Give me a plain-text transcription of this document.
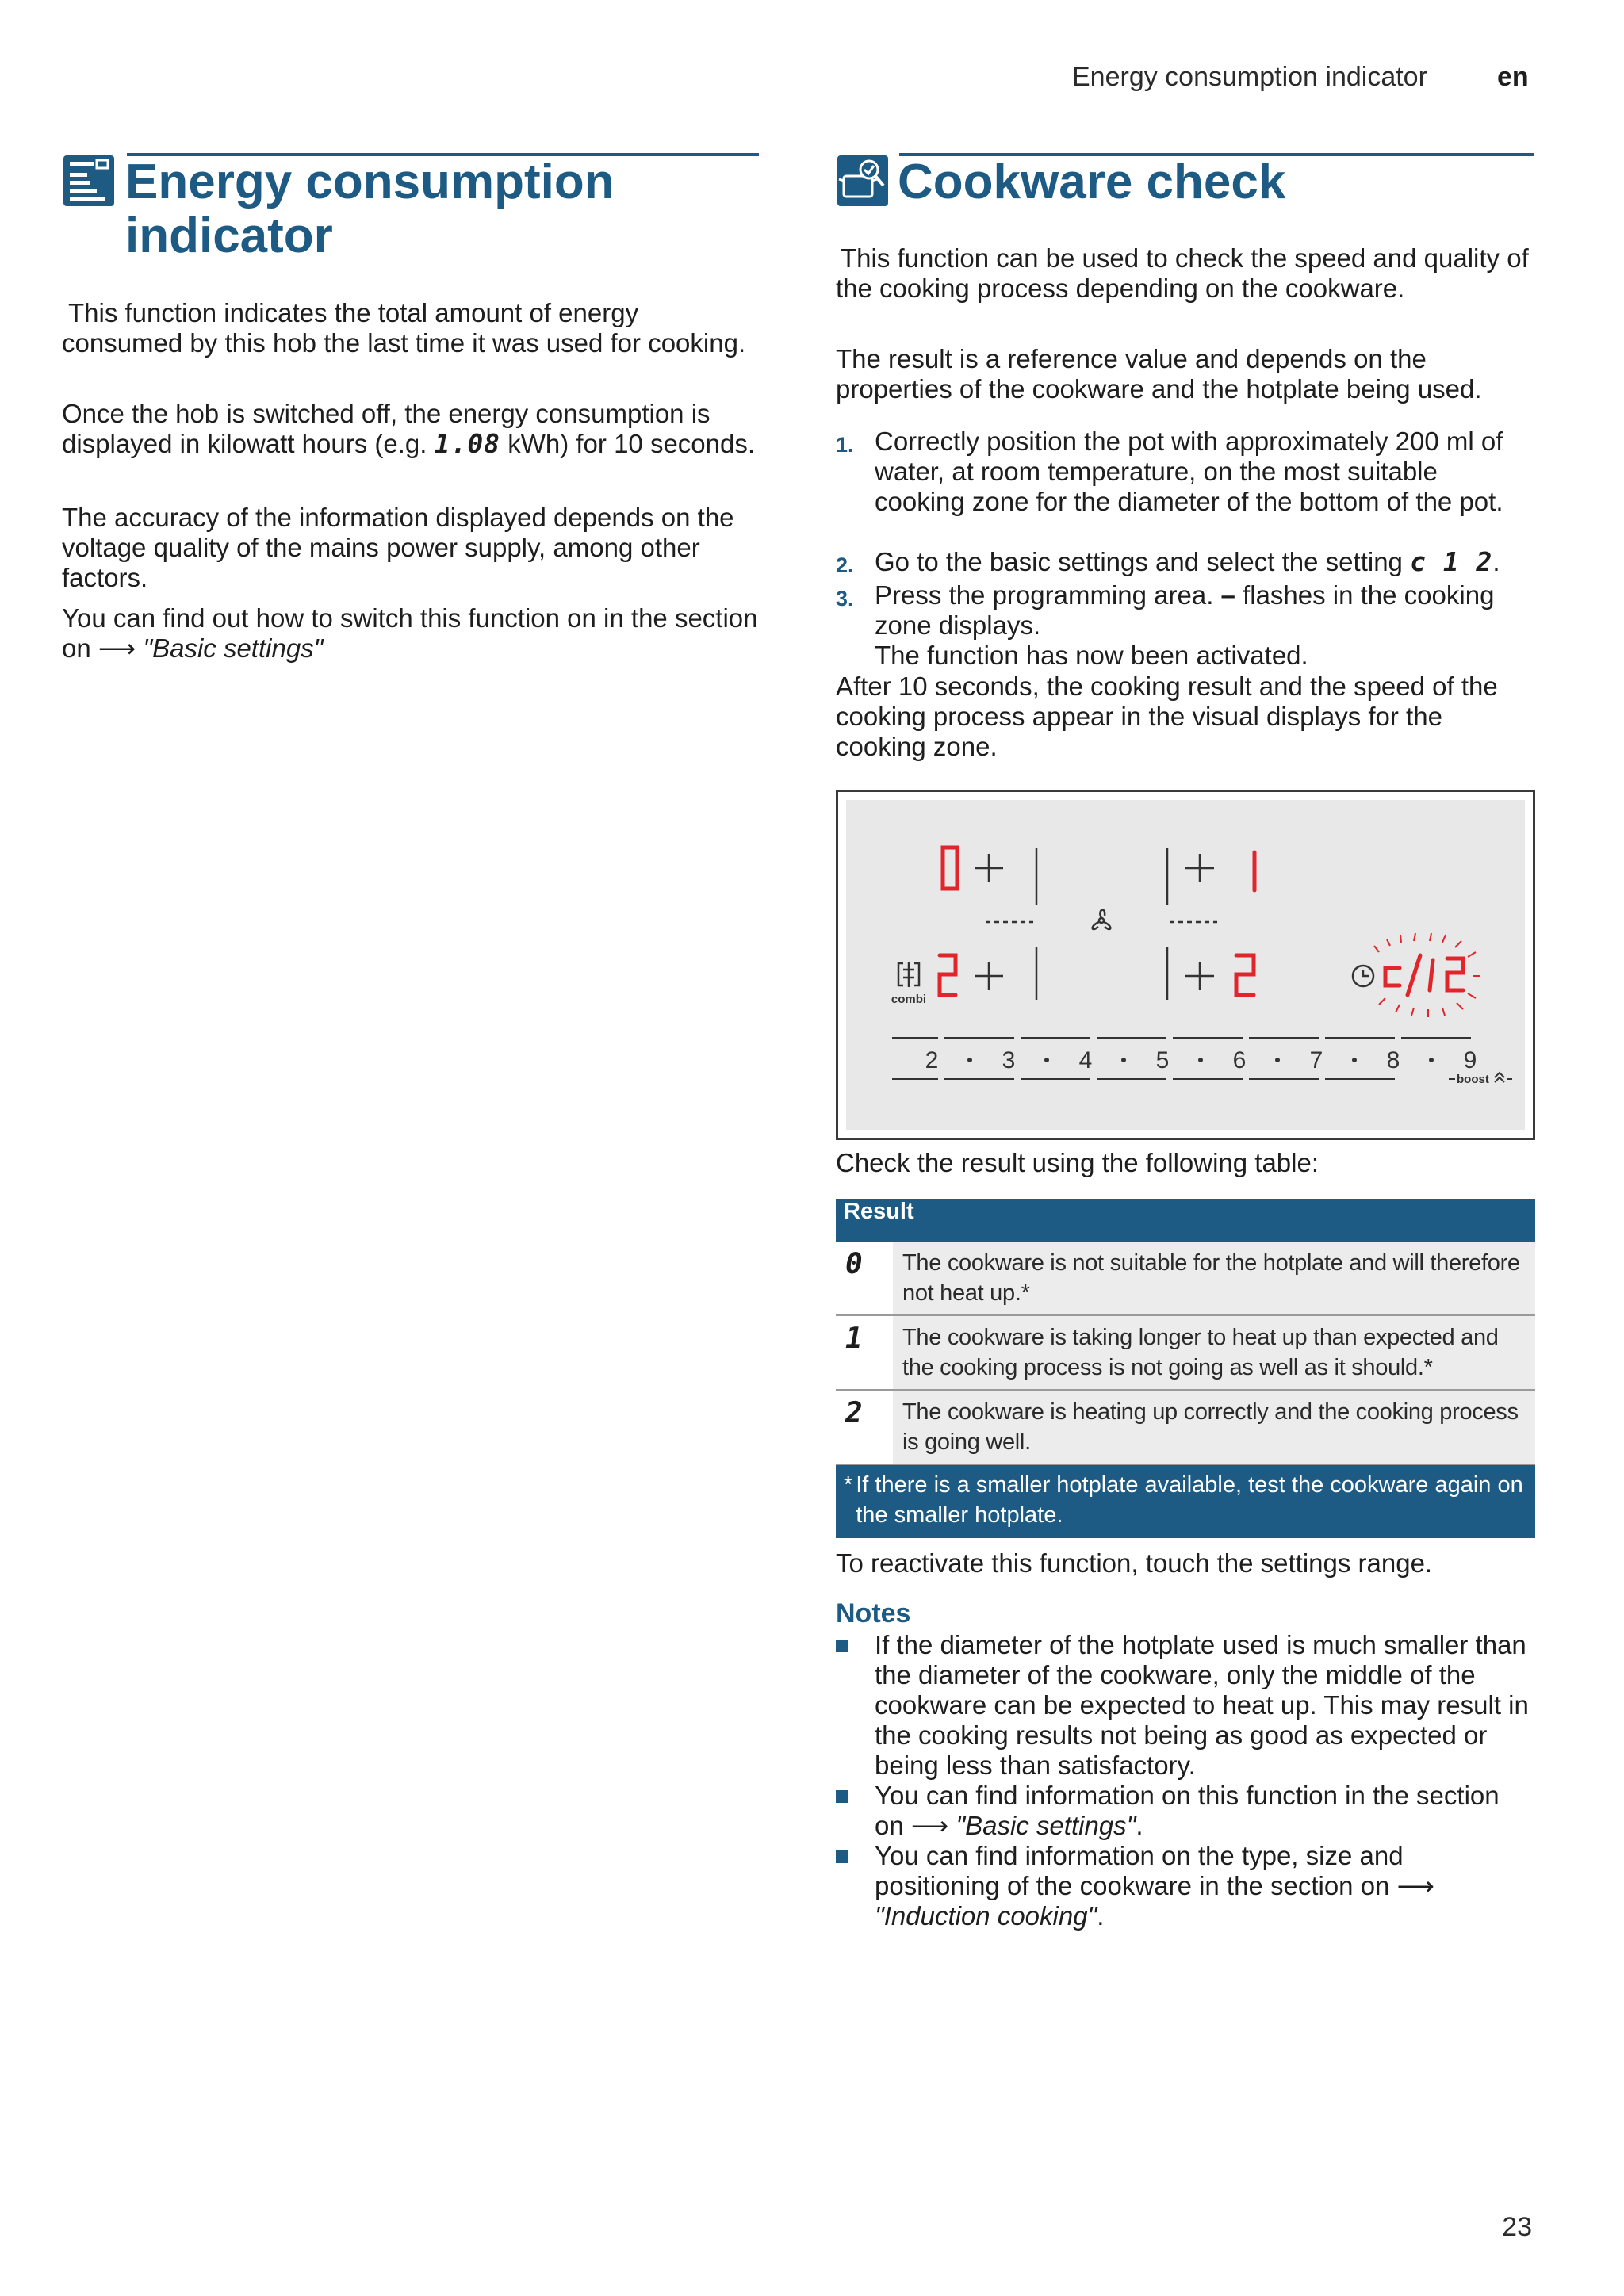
Energy consumption indicator	en
Energy consumption
indicator
This function indicates the total amount of energy consumed by this hob the last time it was used for cooking.
Once the hob is switched off, the energy consumption is displayed in kilowatt hours (e.g. 1.08 kWh) for 10 seconds.
The accuracy of the information displayed depends on the voltage quality of the mains power supply, among other factors.
You can find out how to switch this function on in the section on ⟶ "Basic settings"
Cookware check
This function can be used to check the speed and quality of the cooking process depending on the cookware.
The result is a reference value and depends on the properties of the cookware and the hotplate being used.
1. Correctly position the pot with approximately 200 ml of water, at room temperature, on the most suitable cooking zone for the diameter of the bottom of the pot.
2. Go to the basic settings and select the setting c 1 2.
3. Press the programming area. – flashes in the cooking zone displays.
The function has now been activated.
After 10 seconds, the cooking result and the speed of the cooking process appear in the visual displays for the cooking zone.
combi
2	3	4	5	6	7	8	9
boost
Check the result using the following table:
Result	
0	The cookware is not suitable for the hotplate and will therefore not heat up.*
1	The cookware is taking longer to heat up than expected and the cooking process is not going as well as it should.*
2	The cookware is heating up correctly and the cooking process is going well.

* If there is a smaller hotplate available, test the cookware again on the smaller hotplate.	
To reactivate this function, touch the settings range.
Notes
If the diameter of the hotplate used is much smaller than the diameter of the cookware, only the middle of the cookware can be expected to heat up. This may result in the cooking results not being as good as expected or being less than satisfactory.
You can find information on this function in the section on ⟶ "Basic settings".
You can find information on the type, size and positioning of the cookware in the section on ⟶ "Induction cooking".
23
